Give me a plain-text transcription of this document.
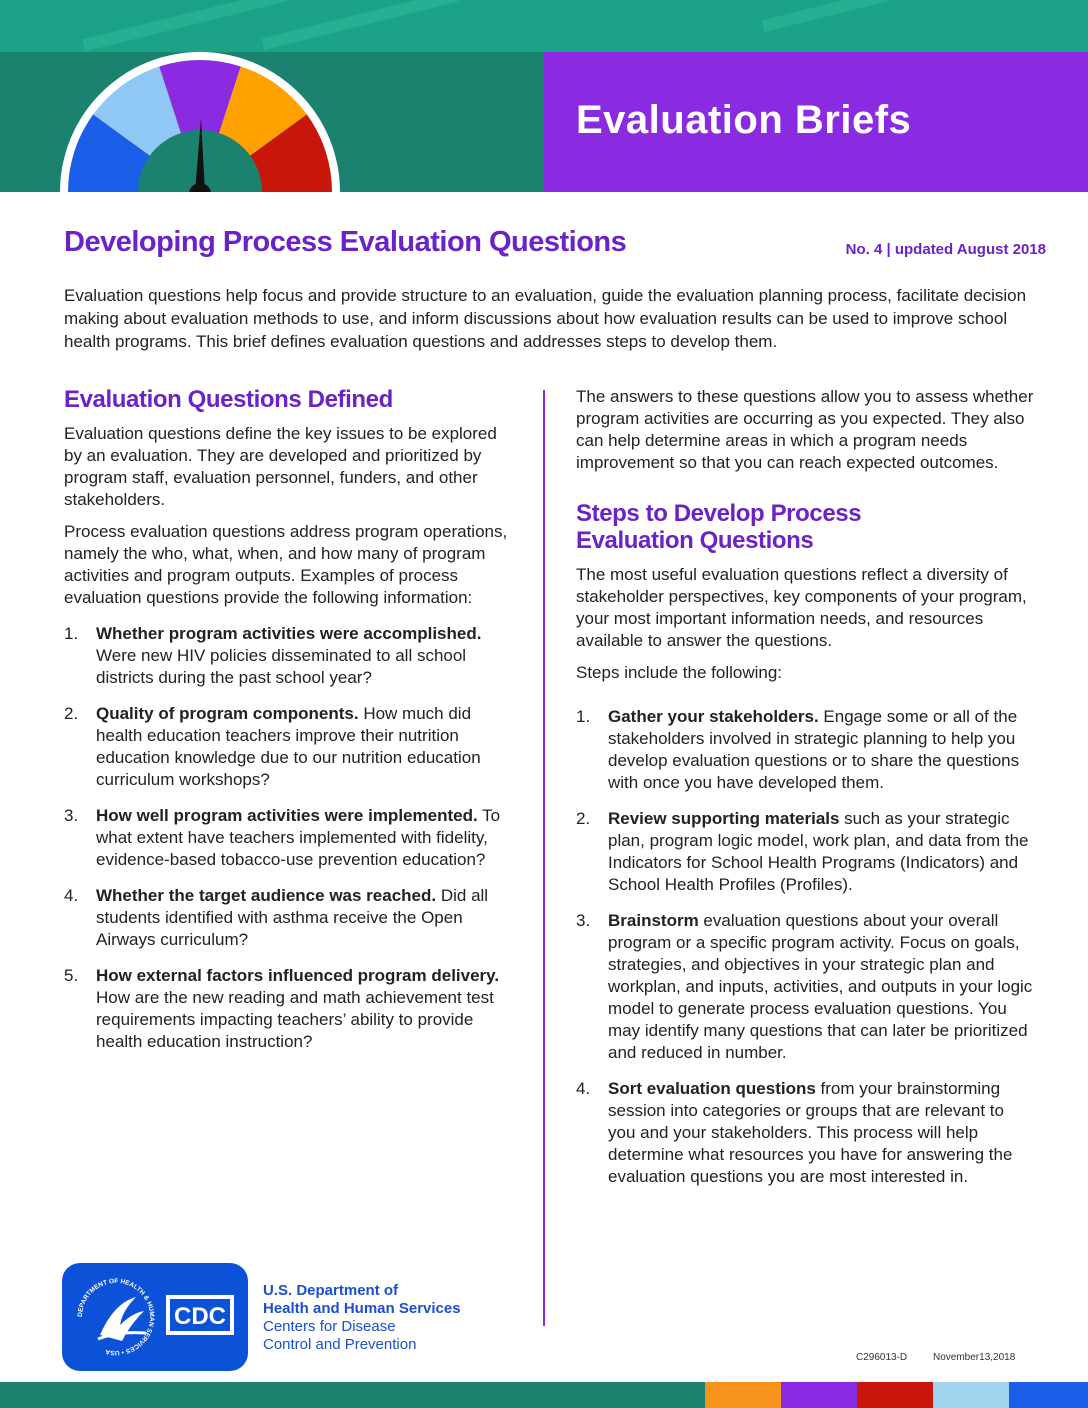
Evaluation Briefs
Developing Process Evaluation Questions	No. 4 | updated August 2018

Evaluation questions help focus and provide structure to an evaluation, guide the evaluation planning process, facilitate decision making about evaluation methods to use, and inform discussions about how evaluation results can be used to improve school health programs. This brief defines evaluation questions and addresses steps to develop them.

Evaluation Questions Defined

Evaluation questions define the key issues to be explored by an evaluation. They are developed and prioritized by program staff, evaluation personnel, funders, and other stakeholders.

Process evaluation questions address program operations, namely the who, what, when, and how many of program activities and program outputs. Examples of process evaluation questions provide the following information:

1. Whether program activities were accomplished. Were new HIV policies disseminated to all school districts during the past school year?
2. Quality of program components. How much did health education teachers improve their nutrition education knowledge due to our nutrition education curriculum workshops?
3. How well program activities were implemented. To what extent have teachers implemented with fidelity, evidence-based tobacco-use prevention education?
4. Whether the target audience was reached. Did all students identified with asthma receive the Open Airways curriculum?
5. How external factors influenced program delivery. How are the new reading and math achievement test requirements impacting teachers’ ability to provide health education instruction?

The answers to these questions allow you to assess whether program activities are occurring as you expected. They also can help determine areas in which a program needs improvement so that you can reach expected outcomes.

Steps to Develop Process
Evaluation Questions

The most useful evaluation questions reflect a diversity of stakeholder perspectives, key components of your program, your most important information needs, and resources available to answer the questions.

Steps include the following:

1. Gather your stakeholders. Engage some or all of the stakeholders involved in strategic planning to help you develop evaluation questions or to share the questions with once you have developed them.
2. Review supporting materials such as your strategic plan, program logic model, work plan, and data from the Indicators for School Health Programs (Indicators) and School Health Profiles (Profiles).
3. Brainstorm evaluation questions about your overall program or a specific program activity. Focus on goals, strategies, and objectives in your strategic plan and workplan, and inputs, activities, and outputs in your logic model to generate process evaluation questions. You may identify many questions that can later be prioritized and reduced in number.
4. Sort evaluation questions from your brainstorming session into categories or groups that are relevant to you and your stakeholders. This process will help determine what resources you have for answering the evaluation questions you are most interested in.
DEPARTMENT OF HEALTH & HUMAN SERVICES • USA
CDC
U.S. Department of
Health and Human Services
Centers for Disease
Control and Prevention
C296013-D	November13,2018
